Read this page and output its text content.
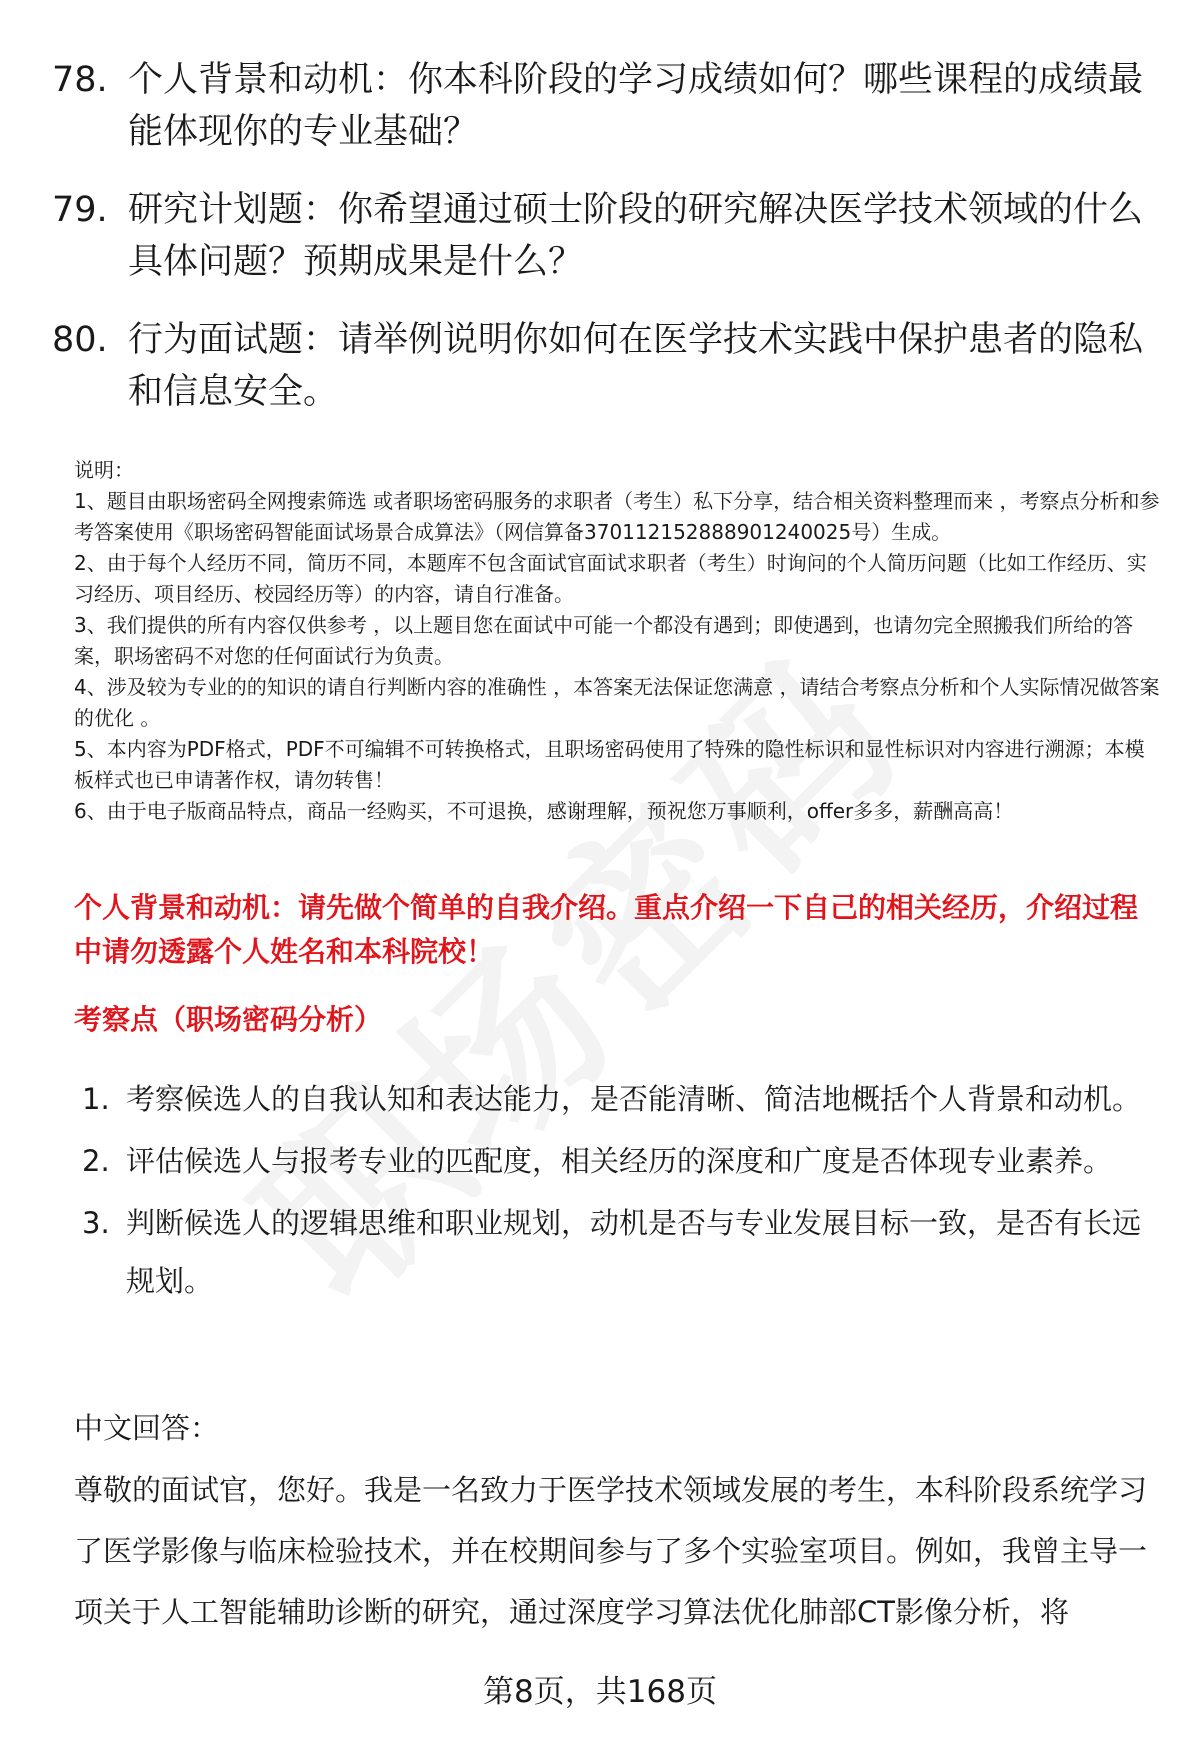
78. 个人背景和动机：你本科阶段的学习成绩如何？哪些课程的成绩最能体现你的专业基础？
79. 研究计划题：你希望通过硕士阶段的研究解决医学技术领域的什么具体问题？预期成果是什么？
80. 行为面试题：请举例说明你如何在医学技术实践中保护患者的隐私和信息安全。

说明：

1、题目由职场密码全网搜索筛选 或者职场密码服务的求职者（考生）私下分享，结合相关资料整理而来 ，考察点分析和参考答案使用《职场密码智能面试场景合成算法》（网信算备370112152888901240025号）生成。

2、由于每个人经历不同，简历不同，本题库不包含面试官面试求职者（考生）时询问的个人简历问题（比如工作经历、实习经历、项目经历、校园经历等）的内容，请自行准备。

3、我们提供的所有内容仅供参考 ，以上题目您在面试中可能一个都没有遇到；即使遇到，也请勿完全照搬我们所给的答案，职场密码不对您的任何面试行为负责。

4、涉及较为专业的的知识的请自行判断内容的准确性 ，本答案无法保证您满意 ，请结合考察点分析和个人实际情况做答案的优化 。

5、本内容为PDF格式，PDF不可编辑不可转换格式，且职场密码使用了特殊的隐性标识和显性标识对内容进行溯源；本模板样式也已申请著作权，请勿转售！

6、由于电子版商品特点，商品一经购买，不可退换，感谢理解，预祝您万事顺利，offer多多，薪酬高高！

个人背景和动机：请先做个简单的自我介绍。重点介绍一下自己的相关经历，介绍过程中请勿透露个人姓名和本科院校！
考察点（职场密码分析）
1. 考察候选人的自我认知和表达能力，是否能清晰、简洁地概括个人背景和动机。
2. 评估候选人与报考专业的匹配度，相关经历的深度和广度是否体现专业素养。
3. 判断候选人的逻辑思维和职业规划，动机是否与专业发展目标一致，是否有长远规划。
中文回答：
尊敬的面试官，您好。我是一名致力于医学技术领域发展的考生，本科阶段系统学习了医学影像与临床检验技术，并在校期间参与了多个实验室项目。例如，我曾主导一项关于人工智能辅助诊断的研究，通过深度学习算法优化肺部CT影像分析，将
第8页，共168页
